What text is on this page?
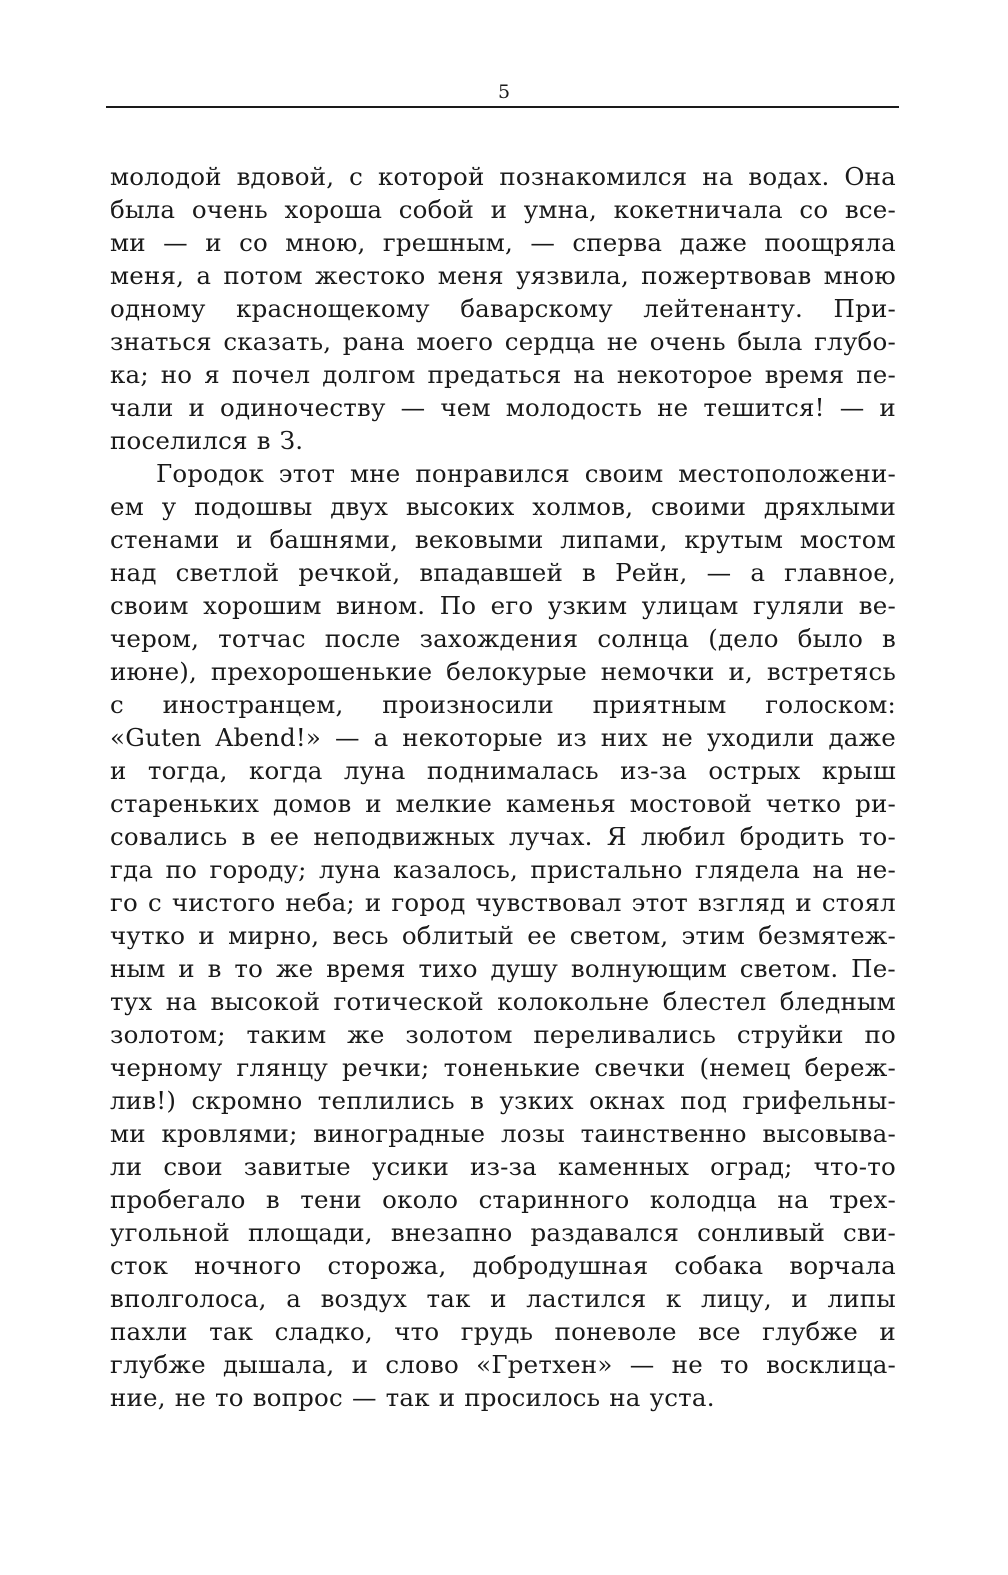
5
молодой вдовой, с которой познакомился на водах. Она
была очень хороша собой и умна, кокетничала со все-
ми — и со мною, грешным, — сперва даже поощряла
меня, а потом жестоко меня уязвила, пожертвовав мною
одному краснощекому баварскому лейтенанту. При-
знаться сказать, рана моего сердца не очень была глубо-
ка; но я почел долгом предаться на некоторое время пе-
чали и одиночеству — чем молодость не тешится! — и
поселился в З.
Городок этот мне понравился своим местоположени-
ем у подошвы двух высоких холмов, своими дряхлыми
стенами и башнями, вековыми липами, крутым мостом
над светлой речкой, впадавшей в Рейн, — а главное,
своим хорошим вином. По его узким улицам гуляли ве-
чером, тотчас после захождения солнца (дело было в
июне), прехорошенькие белокурые немочки и, встретясь
с иностранцем, произносили приятным голоском:
«Guten Abend!» — а некоторые из них не уходили даже
и тогда, когда луна поднималась из-за острых крыш
стареньких домов и мелкие каменья мостовой четко ри-
совались в ее неподвижных лучах. Я любил бродить то-
гда по городу; луна казалось, пристально глядела на не-
го с чистого неба; и город чувствовал этот взгляд и стоял
чутко и мирно, весь облитый ее светом, этим безмятеж-
ным и в то же время тихо душу волнующим светом. Пе-
тух на высокой готической колокольне блестел бледным
золотом; таким же золотом переливались струйки по
черному глянцу речки; тоненькие свечки (немец береж-
лив!) скромно теплились в узких окнах под грифельны-
ми кровлями; виноградные лозы таинственно высовыва-
ли свои завитые усики из-за каменных оград; что-то
пробегало в тени около старинного колодца на трех-
угольной площади, внезапно раздавался сонливый сви-
сток ночного сторожа, добродушная собака ворчала
вполголоса, а воздух так и ластился к лицу, и липы
пахли так сладко, что грудь поневоле все глубже и
глубже дышала, и слово «Гретхен» — не то восклица-
ние, не то вопрос — так и просилось на уста.
